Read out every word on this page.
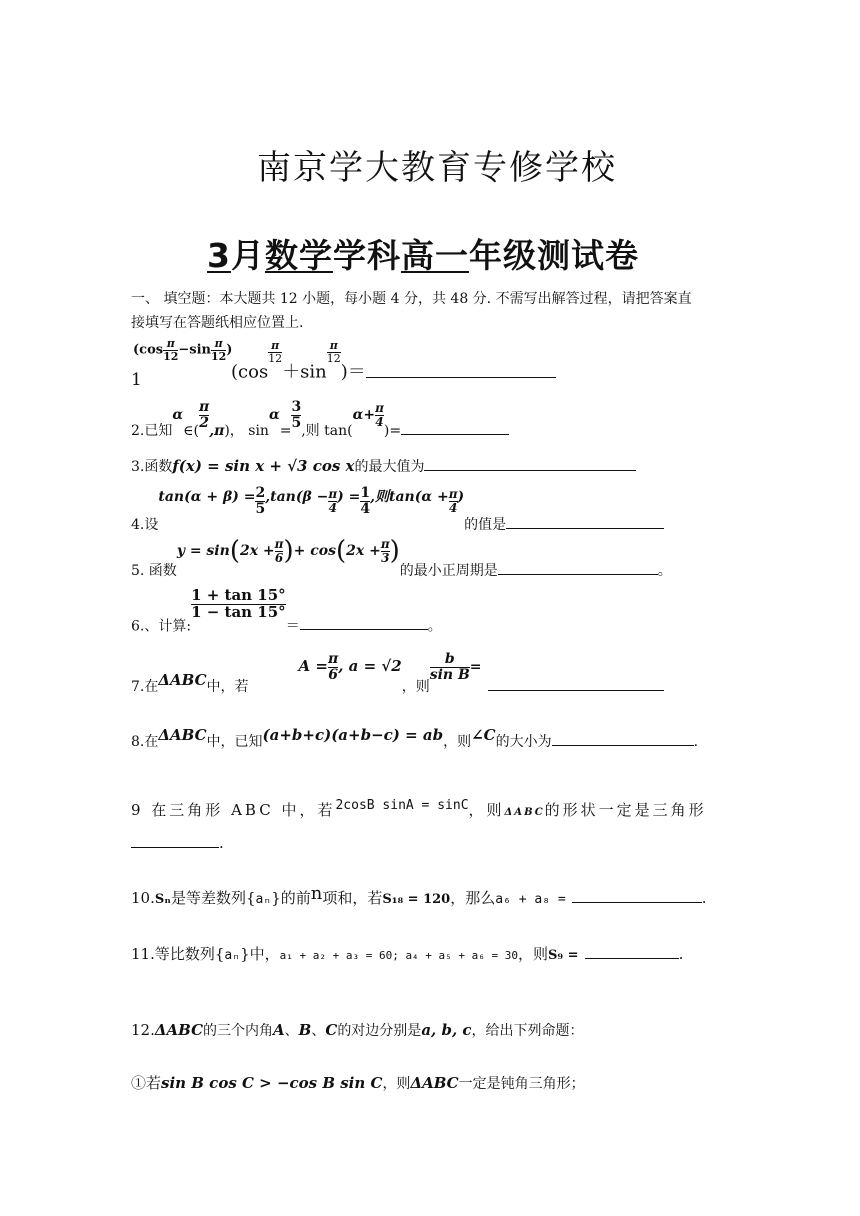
南京学大教育专修学校
3月数学学科高一年级测试卷
一、 填空题：本大题共 12 小题，每小题 4 分，共 48 分. 不需写出解答过程，请把答案直
接填写在答题纸相应位置上.
($\cos \frac{\pi}{12} -\sin \frac{\pi}{12}$ )
1	(cos
$\frac{\pi}{12}$
＋sin
$\frac{\pi}{12}$
)＝
2.已知α∈(
$\frac{\pi}{2}$
,π)， sinα=
$\frac{3}{5}$
,则 $\tan(\alpha+ \frac{\pi}{4}$
)=
3.函数f(x) = sin x + √3 cos x的最大值为
4.设$\tan(\alpha + \beta) = \frac{2}{5} ,\tan(\beta - \frac{\pi}{4}$ ) = $\frac{1}{4}$ ,则$\tan(\alpha + \frac{\pi}{4}$ )的值是
5. 函数$y = \sin(2x + \frac{\pi}{6}$ )+ $\cos(2x + \frac{\pi}{3}$ )的最小正周期是	。
6.、计算:
$\frac{1 + \tan 15^\circ}{1 - \tan 15^\circ}$
＝	。
7.在ΔABC中，若$A = \frac{\pi}{6}$ , a = √2，则
$\frac{b}{\text{sin B}}$ =
8.在ΔABC中，已知(a+b+c)(a+b−c) = ab，则∠C的大小为	.
9 在三角形 ABC 中，若2cosB sinA = sinC，则ΔABC的形状一定是三角形
.
10.Sₙ是等差数列{aₙ}的前n项和，若S₁₈ = 120，那么a₆ + a₈ =	.
11.等比数列{aₙ}中，a₁ + a₂ + a₃ = 60; a₄ + a₅ + a₆ = 30，则S₉ =	.
12.ΔABC的三个内角A、B、C的对边分别是a, b, c，给出下列命题：
①若sin B cos C > −cos B sin C，则ΔABC一定是钝角三角形；
